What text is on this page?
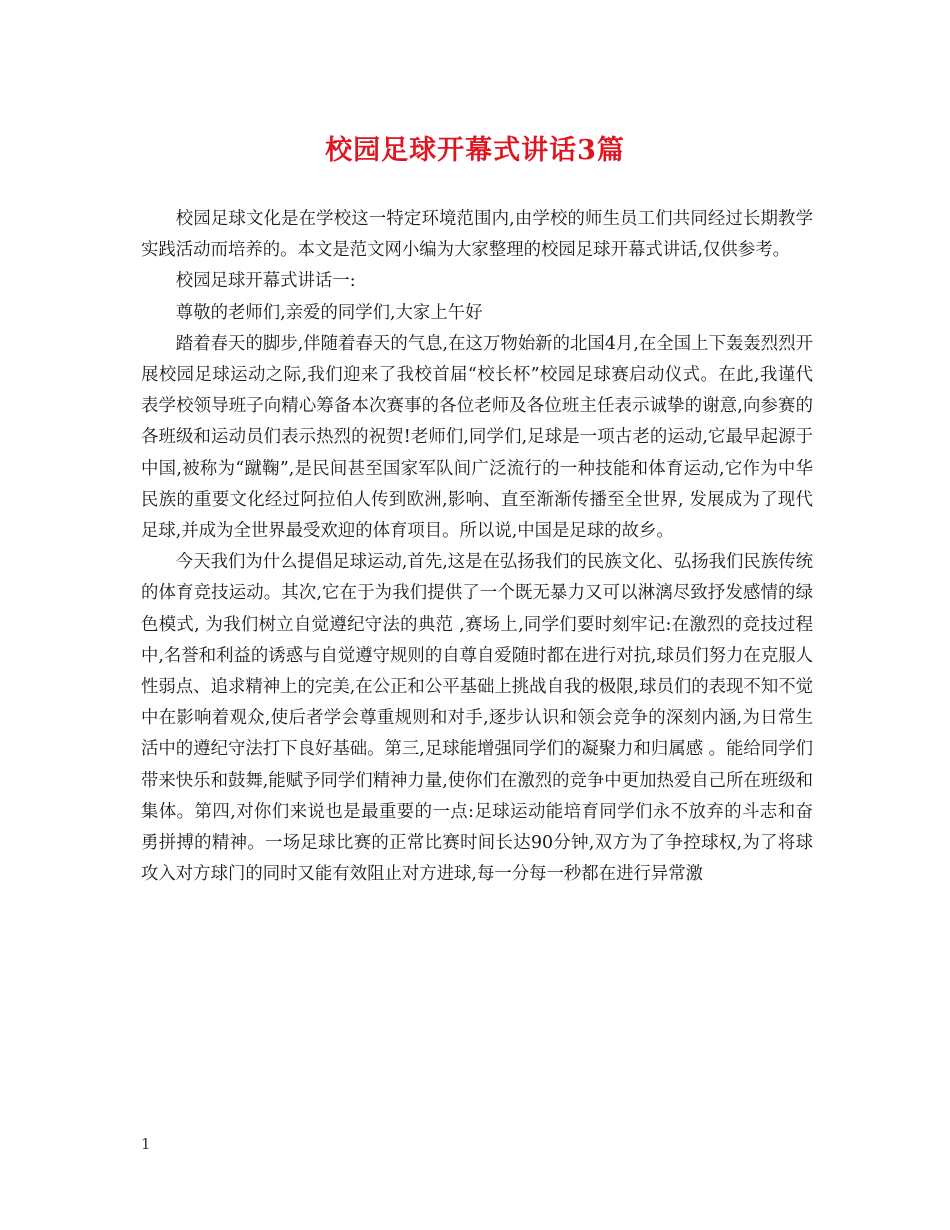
校园足球开幕式讲话3篇

校园足球文化是在学校这一特定环境范围内,由学校的师生员工们共同经过长期教学实践活动而培养的。本文是范文网小编为大家整理的校园足球开幕式讲话,仅供参考。

校园足球开幕式讲话一:

尊敬的老师们,亲爱的同学们,大家上午好

踏着春天的脚步,伴随着春天的气息,在这万物始新的北国4月,在全国上下轰轰烈烈开展校园足球运动之际,我们迎来了我校首届“校长杯”校园足球赛启动仪式。在此,我谨代表学校领导班子向精心筹备本次赛事的各位老师及各位班主任表示诚挚的谢意,向参赛的各班级和运动员们表示热烈的祝贺!老师们,同学们,足球是一项古老的运动,它最早起源于中国,被称为“蹴鞠”,是民间甚至国家军队间广泛流行的一种技能和体育运动,它作为中华民族的重要文化经过阿拉伯人传到欧洲,影响、直至渐渐传播至全世界, 发展成为了现代足球,并成为全世界最受欢迎的体育项目。所以说,中国是足球的故乡。

今天我们为什么提倡足球运动,首先,这是在弘扬我们的民族文化、弘扬我们民族传统的体育竞技运动。其次,它在于为我们提供了一个既无暴力又可以淋漓尽致抒发感情的绿色模式, 为我们树立自觉遵纪守法的典范 ,赛场上,同学们要时刻牢记:在激烈的竞技过程中,名誉和利益的诱惑与自觉遵守规则的自尊自爱随时都在进行对抗,球员们努力在克服人性弱点、追求精神上的完美,在公正和公平基础上挑战自我的极限,球员们的表现不知不觉中在影响着观众,使后者学会尊重规则和对手,逐步认识和领会竞争的深刻内涵,为日常生活中的遵纪守法打下良好基础。第三,足球能增强同学们的凝聚力和归属感 。能给同学们带来快乐和鼓舞,能赋予同学们精神力量,使你们在激烈的竞争中更加热爱自己所在班级和集体。第四,对你们来说也是最重要的一点:足球运动能培育同学们永不放弃的斗志和奋勇拼搏的精神。一场足球比赛的正常比赛时间长达90分钟,双方为了争控球权,为了将球攻入对方球门的同时又能有效阻止对方进球,每一分每一秒都在进行异常激

1
